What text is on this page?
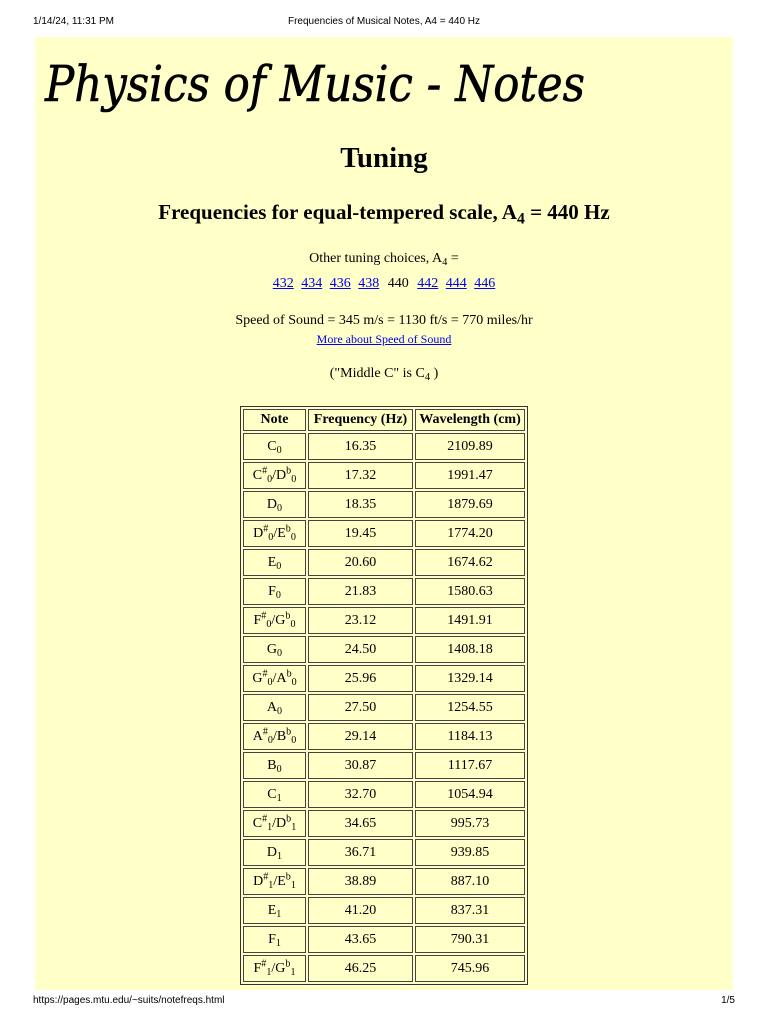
1/14/24, 11:31 PM	Frequencies of Musical Notes, A4 = 440 Hz
Physics of Music - Notes
Tuning
Frequencies for equal-tempered scale, $A_4 = 440$ Hz
Other tuning choices, $A_4$ =
432 434 436 438 440 442 444 446
Speed of Sound = 345 m/s = 1130 ft/s = 770 miles/hr
More about Speed of Sound
("Middle C" is $C_4$ )
Note	Frequency (Hz)	Wavelength (cm)
$C_0$	16.35	2109.89
$C^{\#}_0/D^b_0$	17.32	1991.47
$D_0$	18.35	1879.69
$D^{\#}_0/E^b_0$	19.45	1774.20
$E_0$	20.60	1674.62
$F_0$	21.83	1580.63
$F^{\#}_0/G^b_0$	23.12	1491.91
$G_0$	24.50	1408.18
$G^{\#}_0/A^b_0$	25.96	1329.14
$A_0$	27.50	1254.55
$A^{\#}_0/B^b_0$	29.14	1184.13
$B_0$	30.87	1117.67
$C_1$	32.70	1054.94
$C^{\#}_1/D^b_1$	34.65	995.73
$D_1$	36.71	939.85
$D^{\#}_1/E^b_1$	38.89	887.10
$E_1$	41.20	837.31
$F_1$	43.65	790.31
$F^{\#}_1/G^b_1$	46.25	745.96
https://pages.mtu.edu/~suits/notefreqs.html	1/5
